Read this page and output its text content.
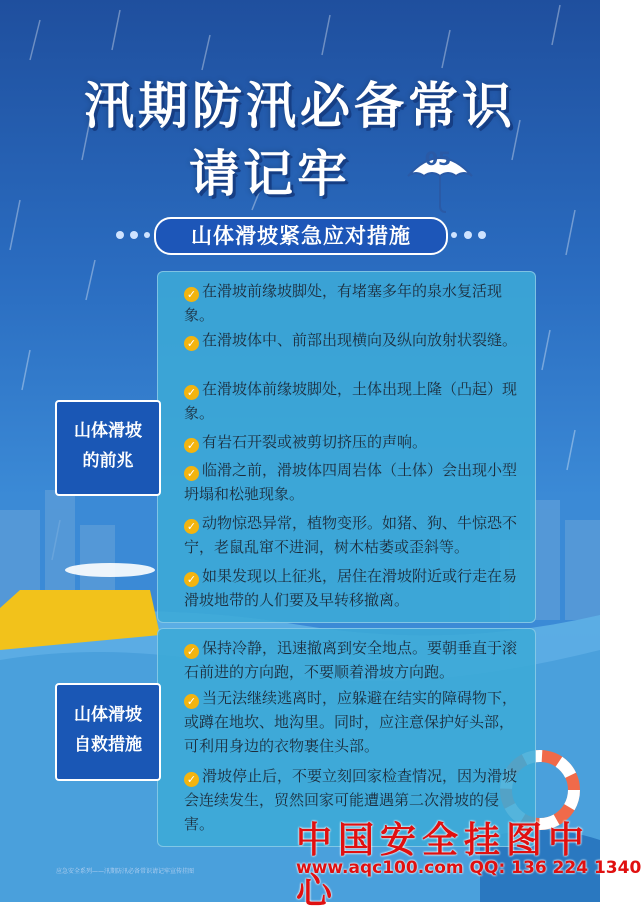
汛期防汛必备常识
请记牢	05
山体滑坡紧急应对措施
✓ 在滑坡前缘坡脚处，有堵塞多年的泉水复活现象。
✓ 在滑坡体中、前部出现横向及纵向放射状裂缝。
✓ 在滑坡体前缘坡脚处，土体出现上隆（凸起）现象。
✓ 有岩石开裂或被剪切挤压的声响。
✓ 临滑之前，滑坡体四周岩体（土体）会出现小型坍塌和松驰现象。
✓ 动物惊恐异常，植物变形。如猪、狗、牛惊恐不宁，老鼠乱窜不进洞，树木枯萎或歪斜等。
✓ 如果发现以上征兆，居住在滑坡附近或行走在易滑坡地带的人们要及早转移撤离。
山体滑坡
的前兆
✓ 保持冷静，迅速撤离到安全地点。要朝垂直于滚石前进的方向跑，不要顺着滑坡方向跑。
✓ 当无法继续逃离时，应躲避在结实的障碍物下，或蹲在地坎、地沟里。同时，应注意保护好头部，可利用身边的衣物裹住头部。
✓ 滑坡停止后，不要立刻回家检查情况，因为滑坡会连续发生，贸然回家可能遭遇第二次滑坡的侵害。
山体滑坡
自救措施
应急安全系列——汛期防汛必备常识请记牢宣传挂图
中国安全挂图中心
www.aqc100.com QQ: 136 224 1340
